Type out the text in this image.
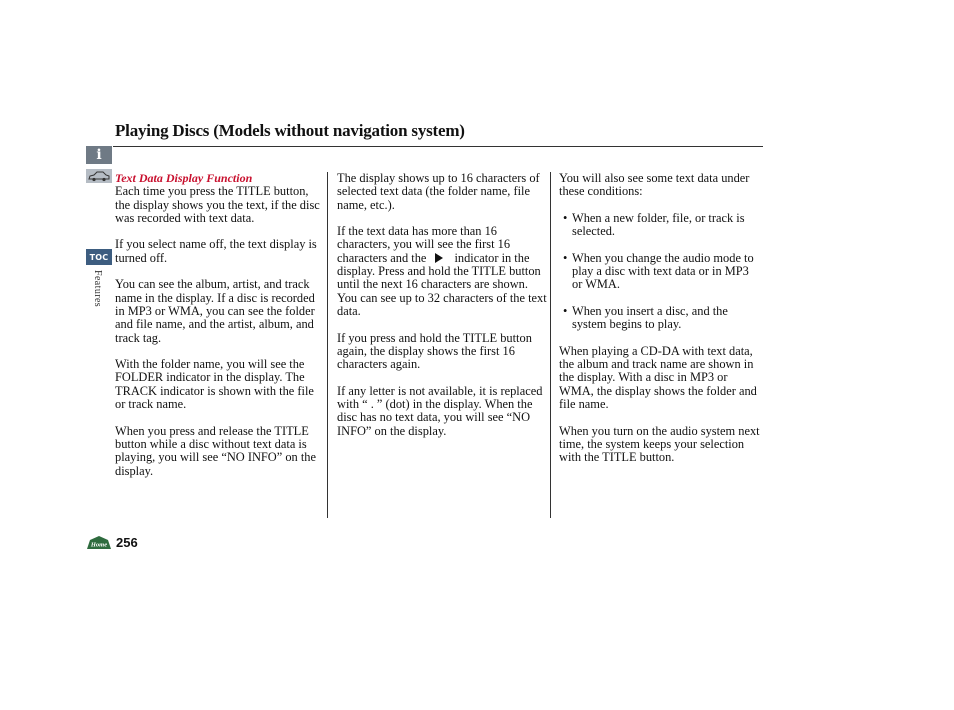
Playing Discs (Models without navigation system)
i
TOC
Features
Home 256
Text Data Display Function

Each time you press the TITLE button, the display shows you the text, if the disc was recorded with text data.

If you select name off, the text display is turned off.

You can see the album, artist, and track name in the display. If a disc is recorded in MP3 or WMA, you can see the folder and file name, and the artist, album, and track tag.

With the folder name, you will see the FOLDER indicator in the display. The TRACK indicator is shown with the file or track name.

When you press and release the TITLE button while a disc without text data is playing, you will see “NO INFO” on the display.

The display shows up to 16 characters of selected text data (the folder name, file name, etc.).

If the text data has more than 16 characters, you will see the first 16 characters and the indicator in the display. Press and hold the TITLE button until the next 16 characters are shown. You can see up to 32 characters of the text data.

If you press and hold the TITLE button again, the display shows the first 16 characters again.

If any letter is not available, it is replaced with “ . ” (dot) in the display. When the disc has no text data, you will see “NO INFO” on the display.

You will also see some text data under these conditions:

• When a new folder, file, or track is selected.
• When you change the audio mode to play a disc with text data or in MP3 or WMA.
• When you insert a disc, and the system begins to play.

When playing a CD-DA with text data, the album and track name are shown in the display. With a disc in MP3 or WMA, the display shows the folder and file name.

When you turn on the audio system next time, the system keeps your selection with the TITLE button.
